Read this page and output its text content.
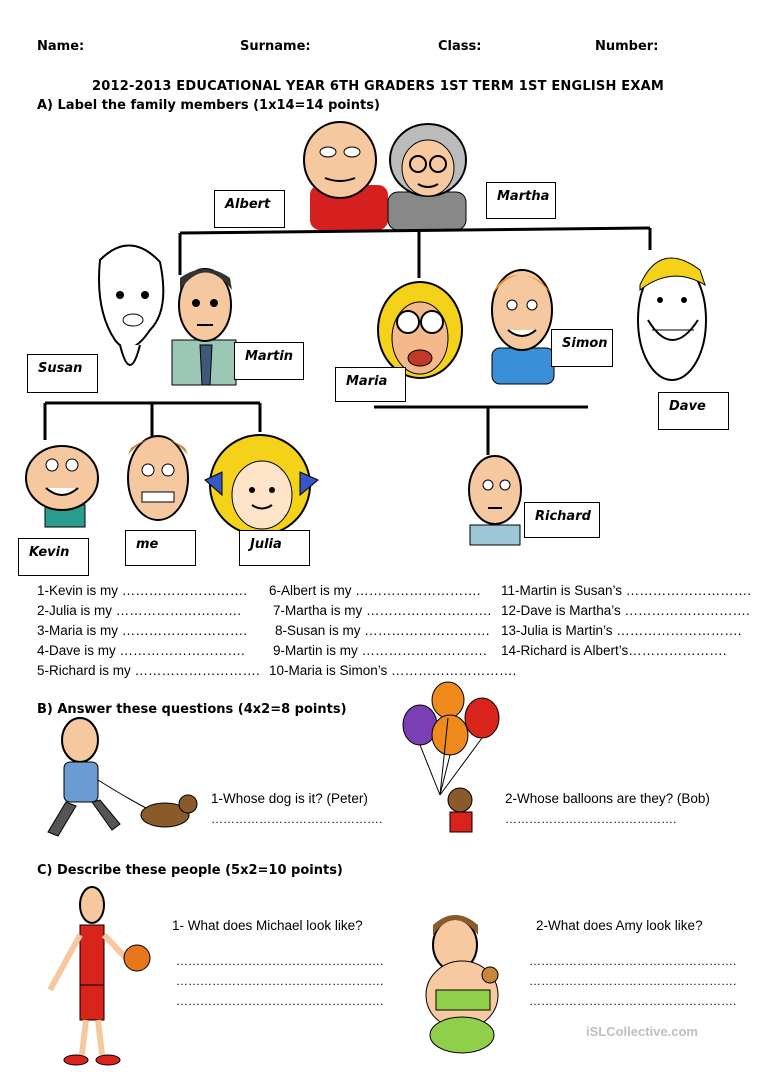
Name:	Surname:	Class:	Number:
2012-2013 EDUCATIONAL YEAR 6TH GRADERS 1ST TERM 1ST ENGLISH EXAM
A) Label the family members (1x14=14 points)
Albert
Martha
Susan
Martin
Maria
Simon
Dave
Kevin
me	Julia
Richard
1-Kevin is my ……………………….
2-Julia is my ……………………….
3-Maria is my ……………………….
4-Dave is my ……………………….
5-Richard is my ……………………….
6-Albert is my ……………………….
7-Martha is my ……………………….
8-Susan is my ……………………….
9-Martin is my ……………………….
10-Maria is Simon’s ……………………….
11-Martin is Susan’s ……………………….
12-Dave is Martha’s ……………………….
13-Julia is Martin’s ……………………….
14-Richard is Albert’s………………….
B) Answer these questions (4x2=8 points)
1-Whose dog is it? (Peter)
…………………………………….
2-Whose balloons are they? (Bob)
…………………………………….
C) Describe these people (5x2=10 points)
1- What does Michael look like?
…………………………………………….
…………………………………………….
…………………………………………….
2-What does Amy look like?
…………………………………………….
…………………………………………….
…………………………………………….
iSLCollective.com
